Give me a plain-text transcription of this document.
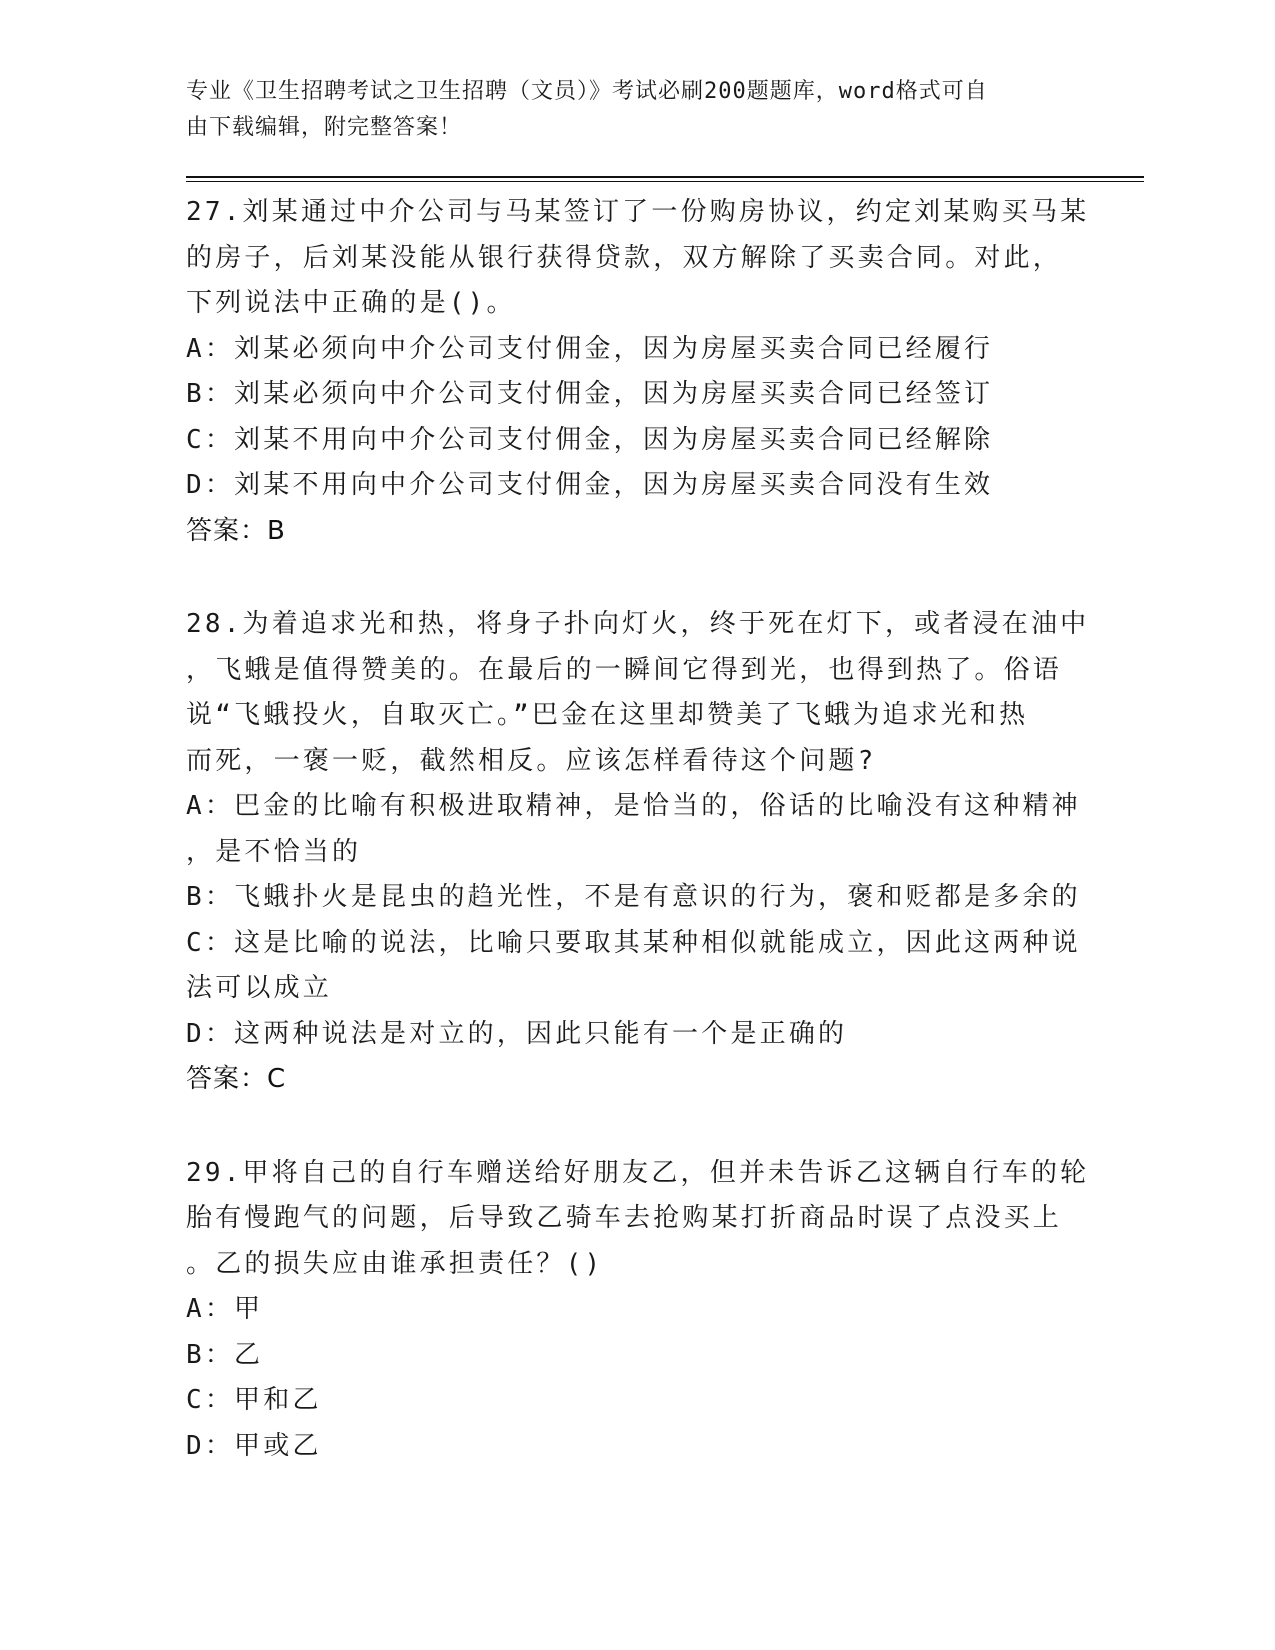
专业《卫生招聘考试之卫生招聘（文员）》考试必刷200题题库，word格式可自
由下载编辑，附完整答案！
27.刘某通过中介公司与马某签订了一份购房协议，约定刘某购买马某
的房子，后刘某没能从银行获得贷款，双方解除了买卖合同。对此，
下列说法中正确的是()。
A：刘某必须向中介公司支付佣金，因为房屋买卖合同已经履行
B：刘某必须向中介公司支付佣金，因为房屋买卖合同已经签订
C：刘某不用向中介公司支付佣金，因为房屋买卖合同已经解除
D：刘某不用向中介公司支付佣金，因为房屋买卖合同没有生效
答案：B
28.为着追求光和热，将身子扑向灯火，终于死在灯下，或者浸在油中
，飞蛾是值得赞美的。在最后的一瞬间它得到光，也得到热了。俗语
说“飞蛾投火，自取灭亡。”巴金在这里却赞美了飞蛾为追求光和热
而死，一褒一贬，截然相反。应该怎样看待这个问题?
A：巴金的比喻有积极进取精神，是恰当的，俗话的比喻没有这种精神
，是不恰当的
B：飞蛾扑火是昆虫的趋光性，不是有意识的行为，褒和贬都是多余的
C：这是比喻的说法，比喻只要取其某种相似就能成立，因此这两种说
法可以成立
D：这两种说法是对立的，因此只能有一个是正确的
答案：C
29.甲将自己的自行车赠送给好朋友乙，但并未告诉乙这辆自行车的轮
胎有慢跑气的问题，后导致乙骑车去抢购某打折商品时误了点没买上
。乙的损失应由谁承担责任？()
A：甲
B：乙
C：甲和乙
D：甲或乙
